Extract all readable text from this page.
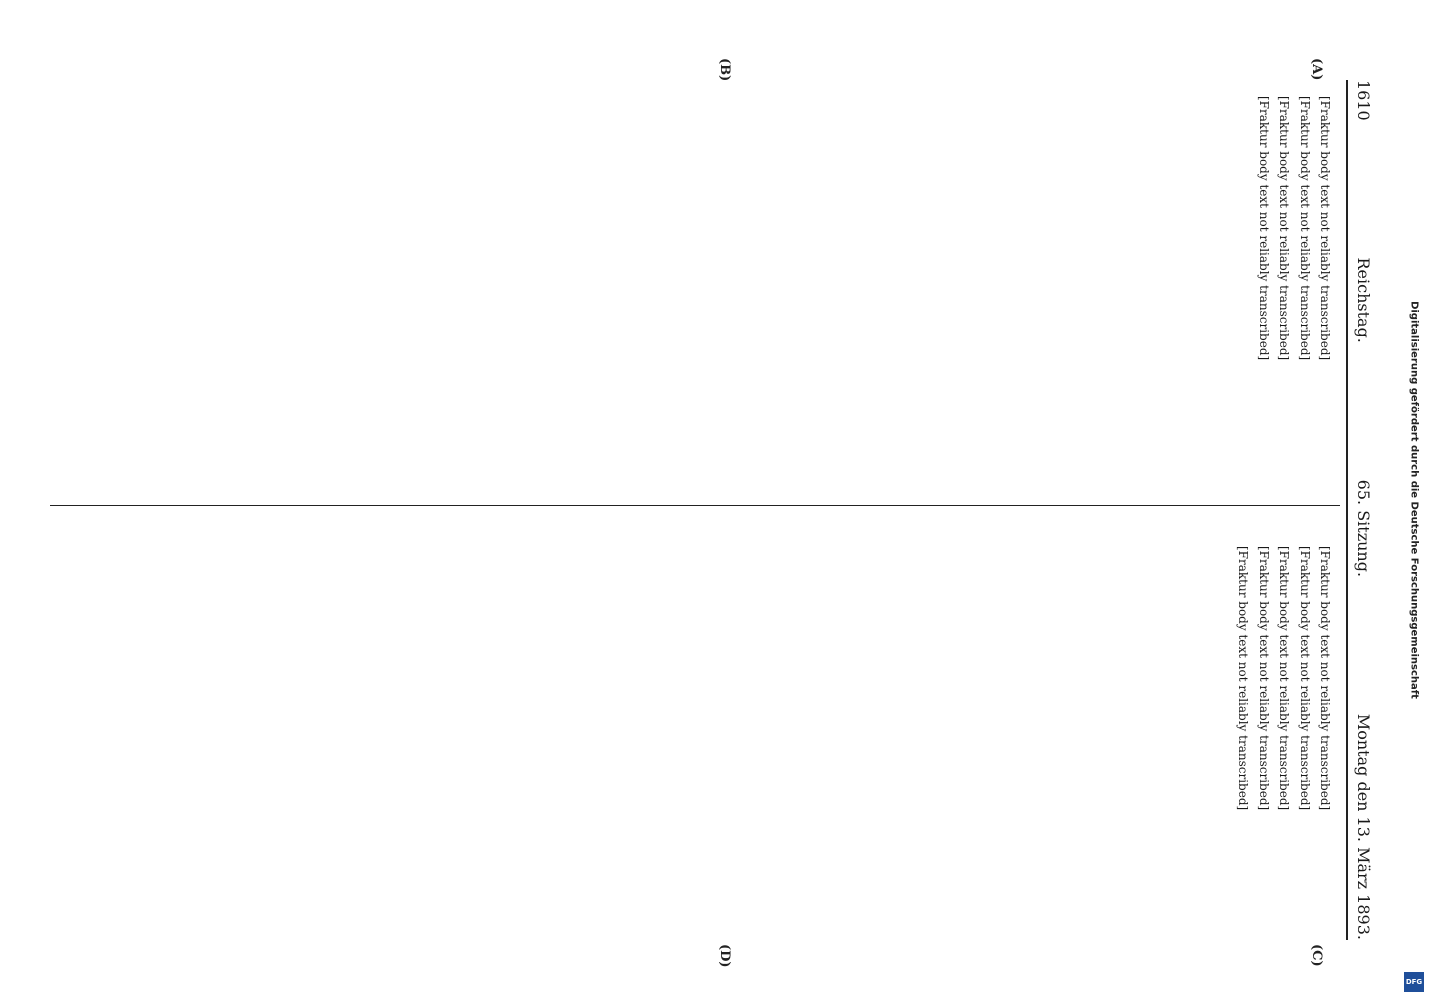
1610
Reichstag.
65. Sitzung.
Montag den 13. März 1893.
(A)
(B)
(C)
(D)

[Fraktur body text not reliably transcribed]

[Fraktur body text not reliably transcribed]

[Fraktur body text not reliably transcribed]

[Fraktur body text not reliably transcribed]

[Fraktur body text not reliably transcribed]

[Fraktur body text not reliably transcribed]

[Fraktur body text not reliably transcribed]

[Fraktur body text not reliably transcribed]

[Fraktur body text not reliably transcribed]	Digitalisierung gefördert durch die Deutsche Forschungsgemeinschaft
DFG
